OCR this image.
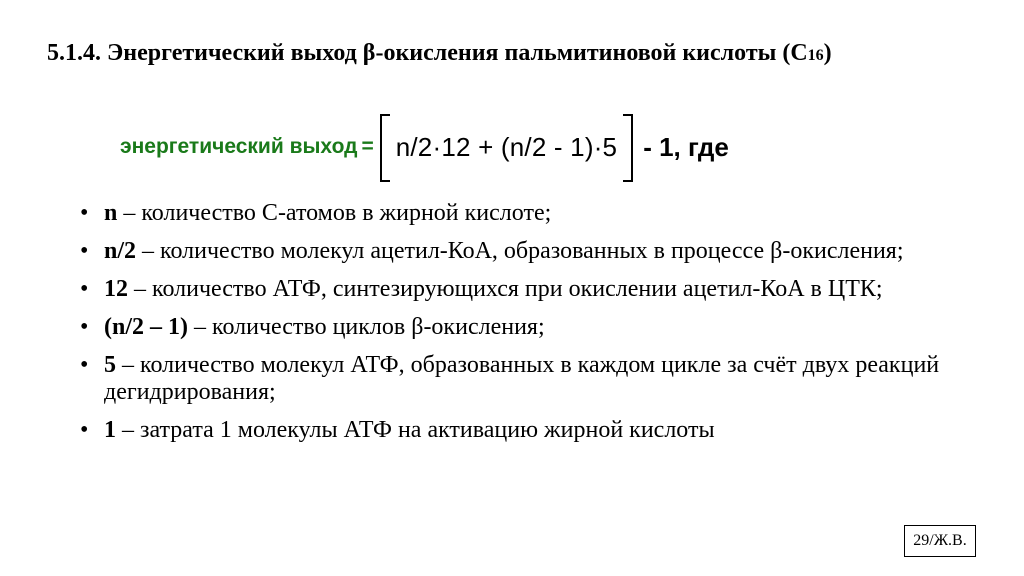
5.1.4. Энергетический выход β-окисления пальмитиновой кислоты (С16)
энергетический выход = n/2·12 + (n/2 - 1)·5 - 1, где
• n – количество С-атомов в жирной кислоте;
• n/2 – количество молекул ацетил-КоА, образованных в процессе β-окисления;
• 12 – количество АТФ, синтезирующихся при окислении ацетил-КоА в ЦТК;
• (n/2 – 1) – количество циклов β-окисления;
• 5 – количество молекул АТФ, образованных в каждом цикле за счёт двух реакций дегидрирования;
• 1 – затрата 1 молекулы АТФ на активацию жирной кислоты
29/Ж.В.
